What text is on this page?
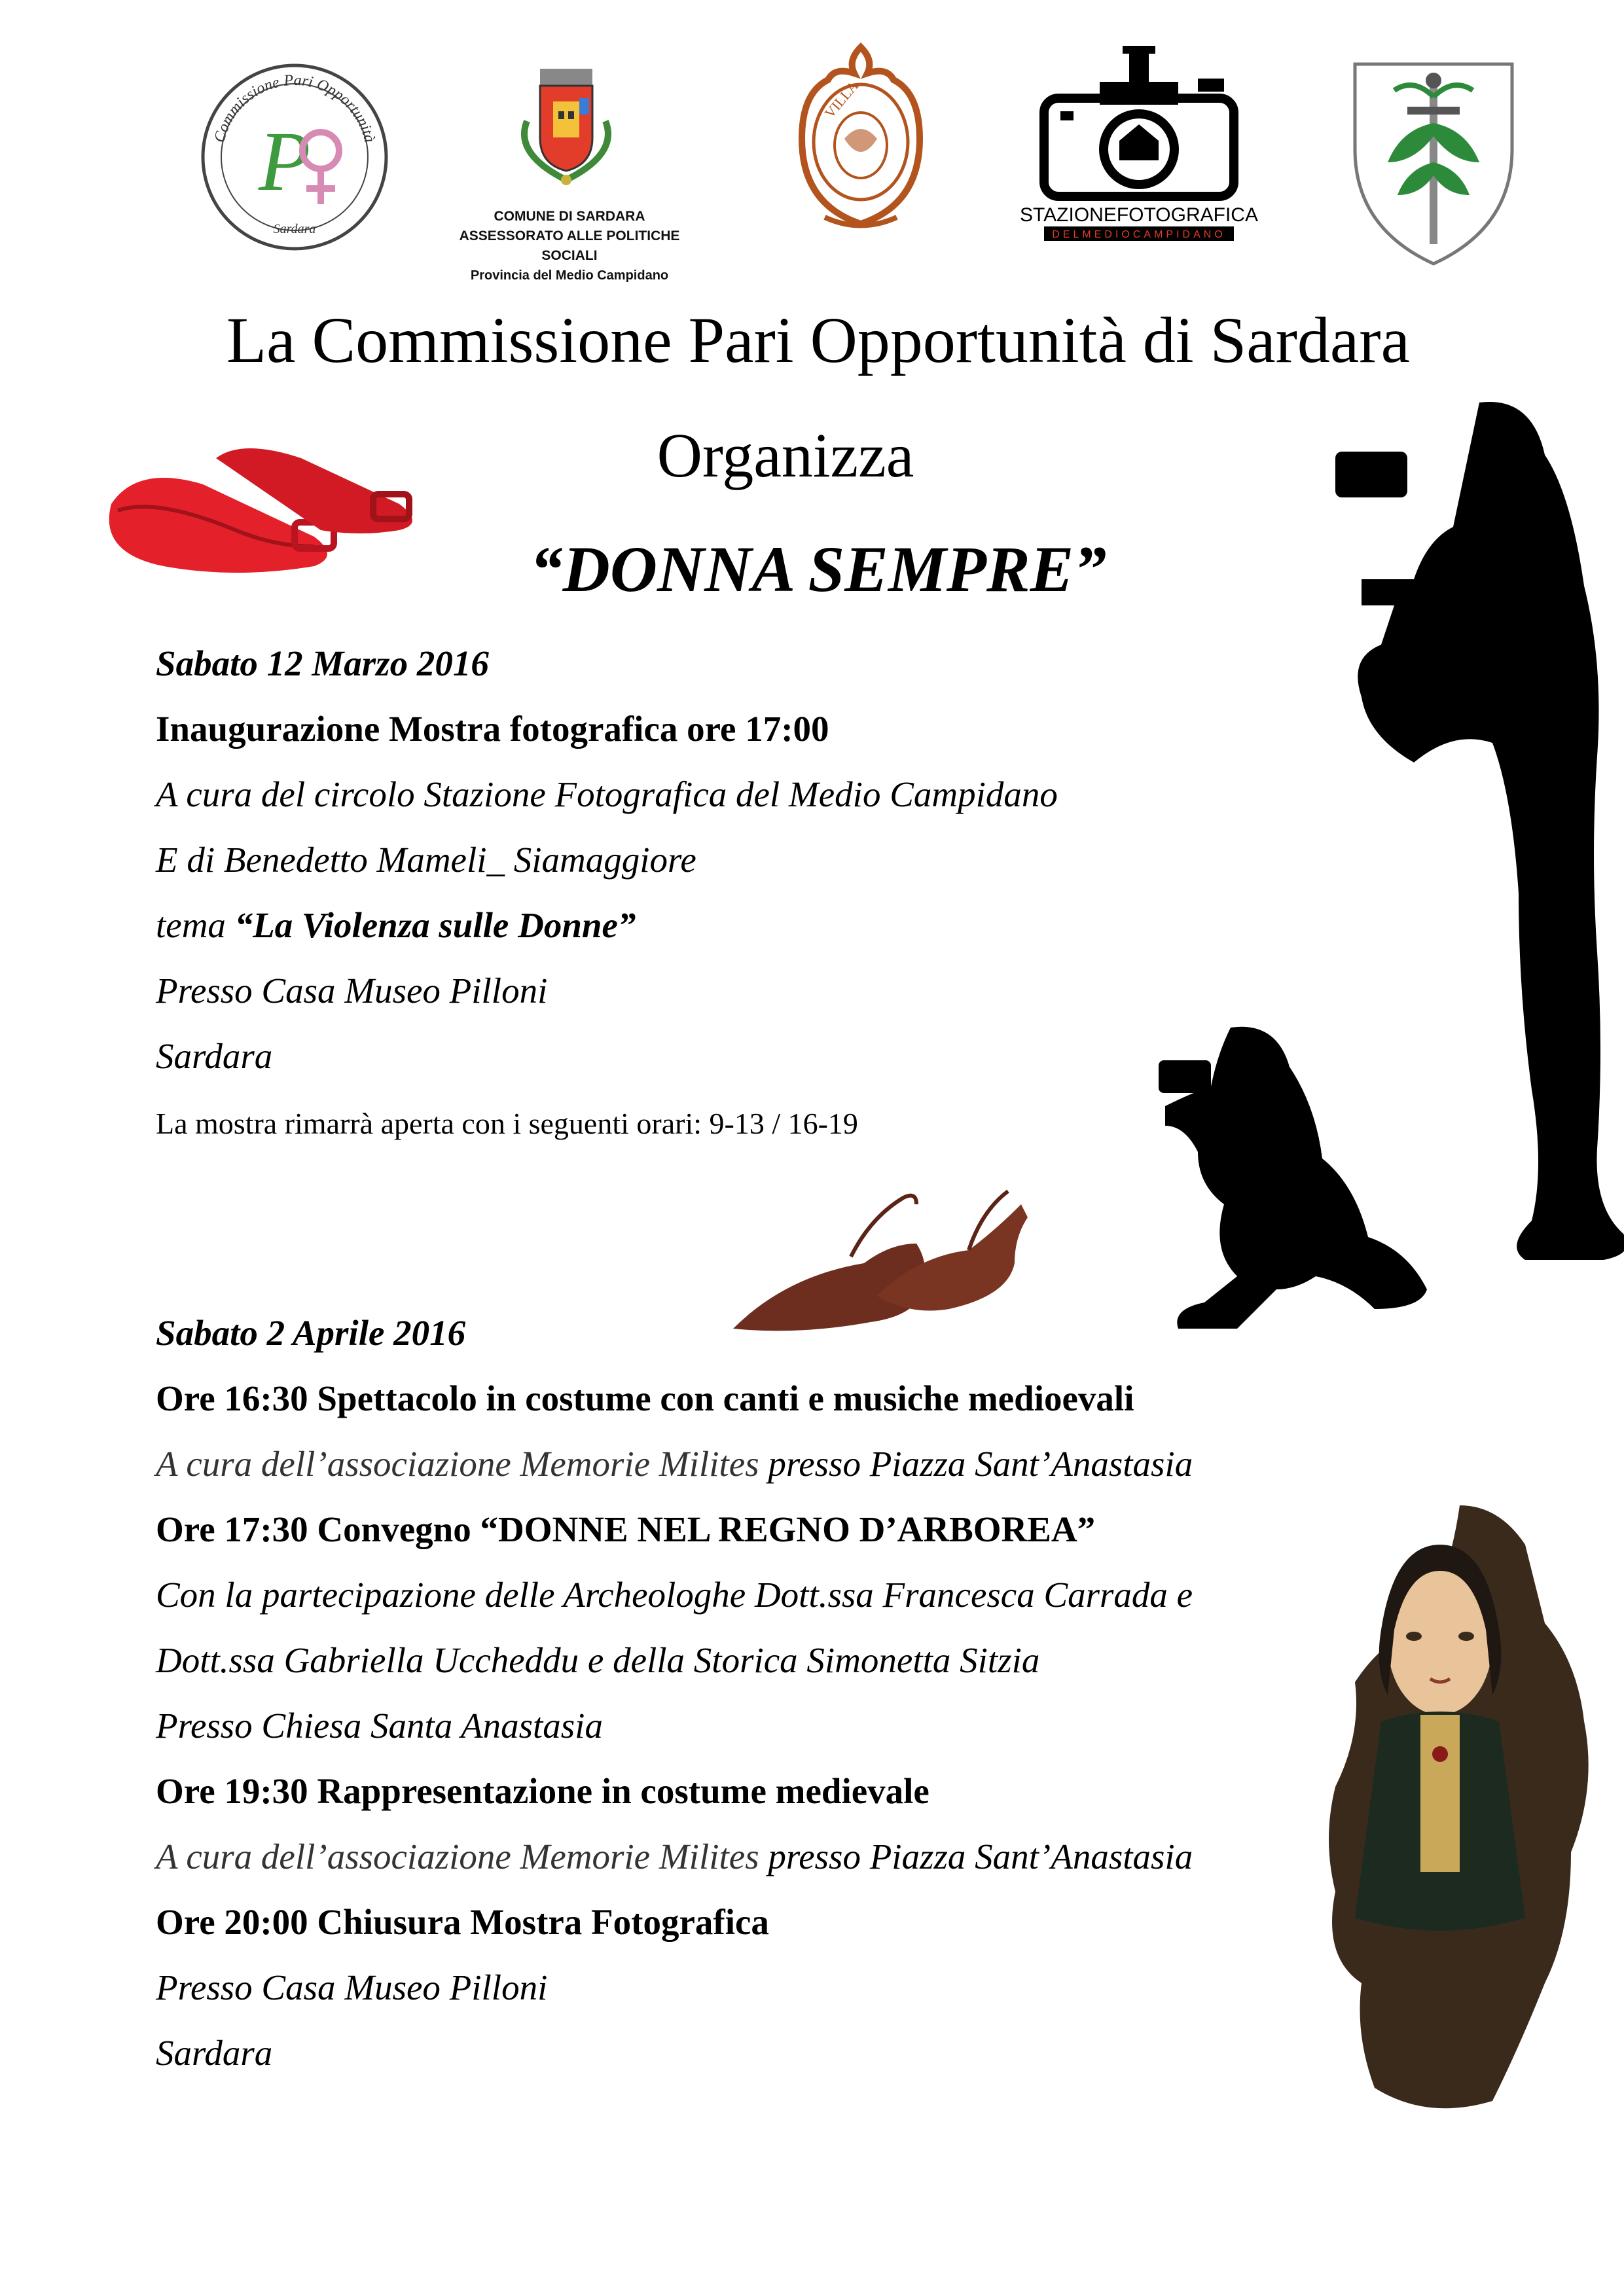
Commissione Pari Opportunità
Sardara
P
COMUNE DI SARDARA
ASSESSORATO ALLE POLITICHE SOCIALI
Provincia del Medio Campidano
VILLA
STAZIONEFOTOGRAFICA
DELMEDIOCAMPIDANO
La Commissione Pari Opportunità di Sardara
Organizza
“DONNA SEMPRE”
Sabato 12 Marzo 2016
Inaugurazione Mostra fotografica ore 17:00
A cura del circolo Stazione Fotografica del Medio Campidano
E di Benedetto Mameli_ Siamaggiore
tema “La Violenza sulle Donne”
Presso Casa Museo Pilloni
Sardara
La mostra rimarrà aperta con i seguenti orari: 9-13 / 16-19
Sabato 2 Aprile 2016
Ore 16:30 Spettacolo in costume con canti e musiche medioevali
A cura dell’associazione Memorie Milites presso Piazza Sant’Anastasia
Ore 17:30 Convegno “DONNE NEL REGNO D’ARBOREA”
Con la partecipazione delle Archeologhe Dott.ssa Francesca Carrada e
Dott.ssa Gabriella Uccheddu e della Storica Simonetta Sitzia
Presso Chiesa Santa Anastasia
Ore 19:30 Rappresentazione in costume medievale
A cura dell’associazione Memorie Milites presso Piazza Sant’Anastasia
Ore 20:00 Chiusura Mostra Fotografica
Presso Casa Museo Pilloni
Sardara
